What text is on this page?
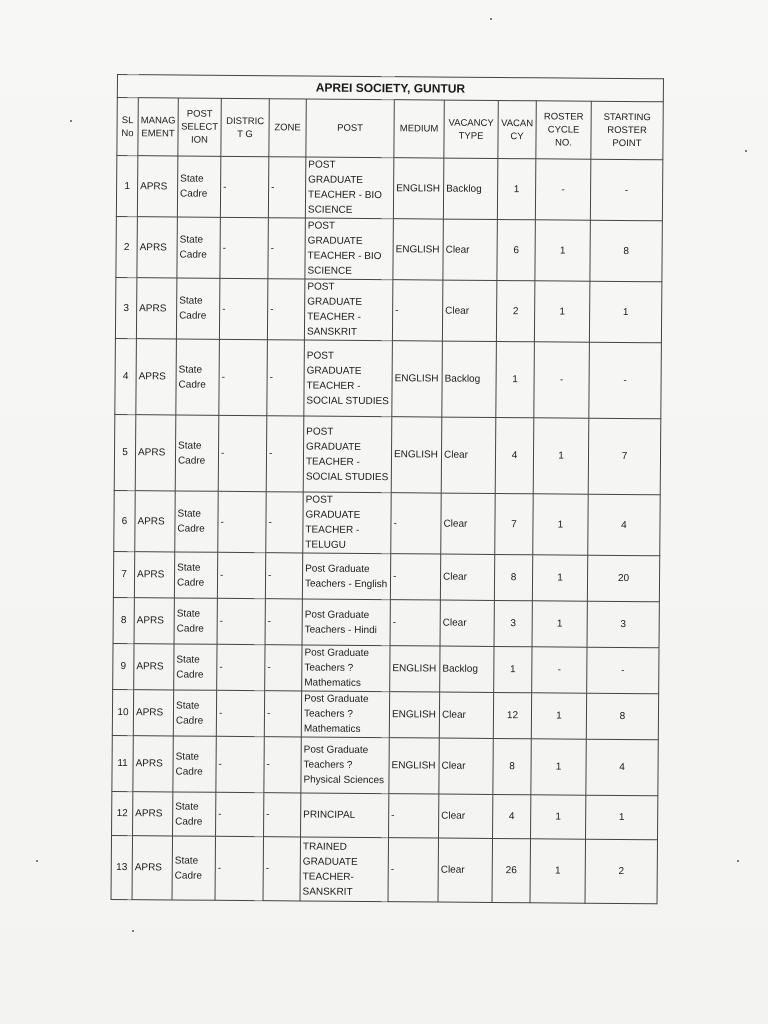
APREI SOCIETY, GUNTUR										
SL No	MANAG EMENT	POST SELECT ION	DISTRICT G	ZONE	POST	MEDIUM	VACANCY TYPE	VACAN CY	ROSTER CYCLE NO.	STARTING ROSTER POINT
1	APRS	State Cadre	-	-	POST GRADUATE TEACHER - BIO SCIENCE	ENGLISH	Backlog	1	-	-
2	APRS	State Cadre	-	-	POST GRADUATE TEACHER - BIO SCIENCE	ENGLISH	Clear	6	1	8
3	APRS	State Cadre	-	-	POST GRADUATE TEACHER - SANSKRIT	-	Clear	2	1	1
4	APRS	State Cadre	-	-	POST GRADUATE TEACHER - SOCIAL STUDIES	ENGLISH	Backlog	1	-	-
5	APRS	State Cadre	-	-	POST GRADUATE TEACHER - SOCIAL STUDIES	ENGLISH	Clear	4	1	7
6	APRS	State Cadre	-	-	POST GRADUATE TEACHER - TELUGU	-	Clear	7	1	4
7	APRS	State Cadre	-	-	Post Graduate Teachers - English	-	Clear	8	1	20
8	APRS	State Cadre	-	-	Post Graduate Teachers - Hindi	-	Clear	3	1	3
9	APRS	State Cadre	-	-	Post Graduate Teachers ? Mathematics	ENGLISH	Backlog	1	-	-
10	APRS	State Cadre	-	-	Post Graduate Teachers ? Mathematics	ENGLISH	Clear	12	1	8
11	APRS	State Cadre	-	-	Post Graduate Teachers ? Physical Sciences	ENGLISH	Clear	8	1	4
12	APRS	State Cadre	-	-	PRINCIPAL	-	Clear	4	1	1
13	APRS	State Cadre	-	-	TRAINED GRADUATE TEACHER- SANSKRIT	-	Clear	26	1	2
